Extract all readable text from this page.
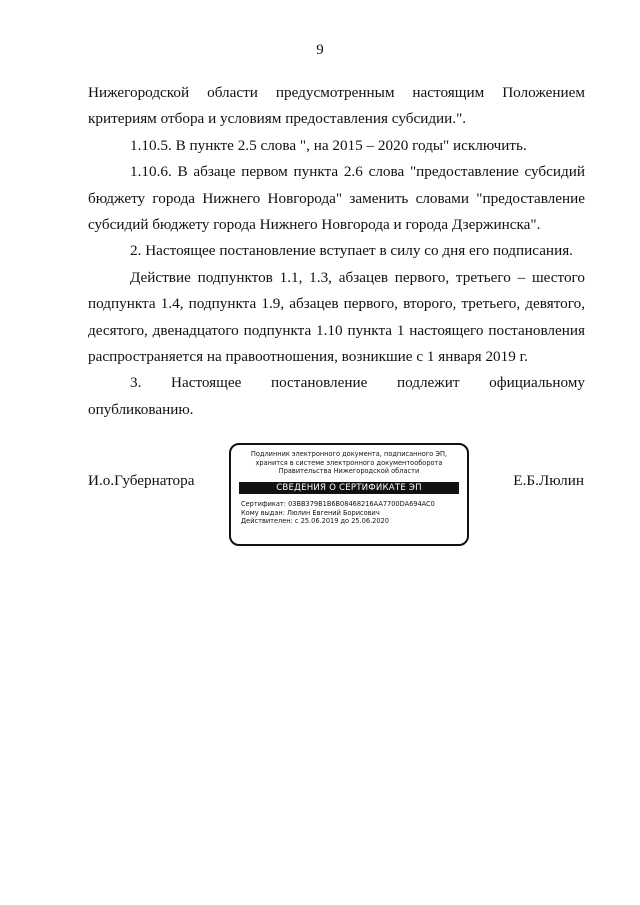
9

Нижегородской области предусмотренным настоящим Положением критериям отбора и условиям предоставления субсидии.".

1.10.5. В пункте 2.5 слова ", на 2015 – 2020 годы" исключить.

1.10.6. В абзаце первом пункта 2.6 слова "предоставление субсидий бюджету города Нижнего Новгорода" заменить словами "предоставление субсидий бюджету города Нижнего Новгорода и города Дзержинска".

2. Настоящее постановление вступает в силу со дня его подписания.

Действие подпунктов 1.1, 1.3, абзацев первого, третьего – шестого подпункта 1.4, подпункта 1.9, абзацев первого, второго, третьего, девятого, десятого, двенадцатого подпункта 1.10 пункта 1 настоящего постановления распространяется на правоотношения, возникшие с 1 января 2019 г.

3. Настоящее постановление подлежит официальному опубликованию.

И.о.Губернатора	Е.Б.Люлин
Подлинник электронного документа, подписанного ЭП,
хранится в системе электронного документооборота
Правительства Нижегородской области
СВЕДЕНИЯ О СЕРТИФИКАТЕ ЭП
Сертификат: 03BB379B1B6B08468216AA7700DA694AC0
Кому выдан: Люлин Евгений Борисович
Действителен: с 25.06.2019 до 25.06.2020
